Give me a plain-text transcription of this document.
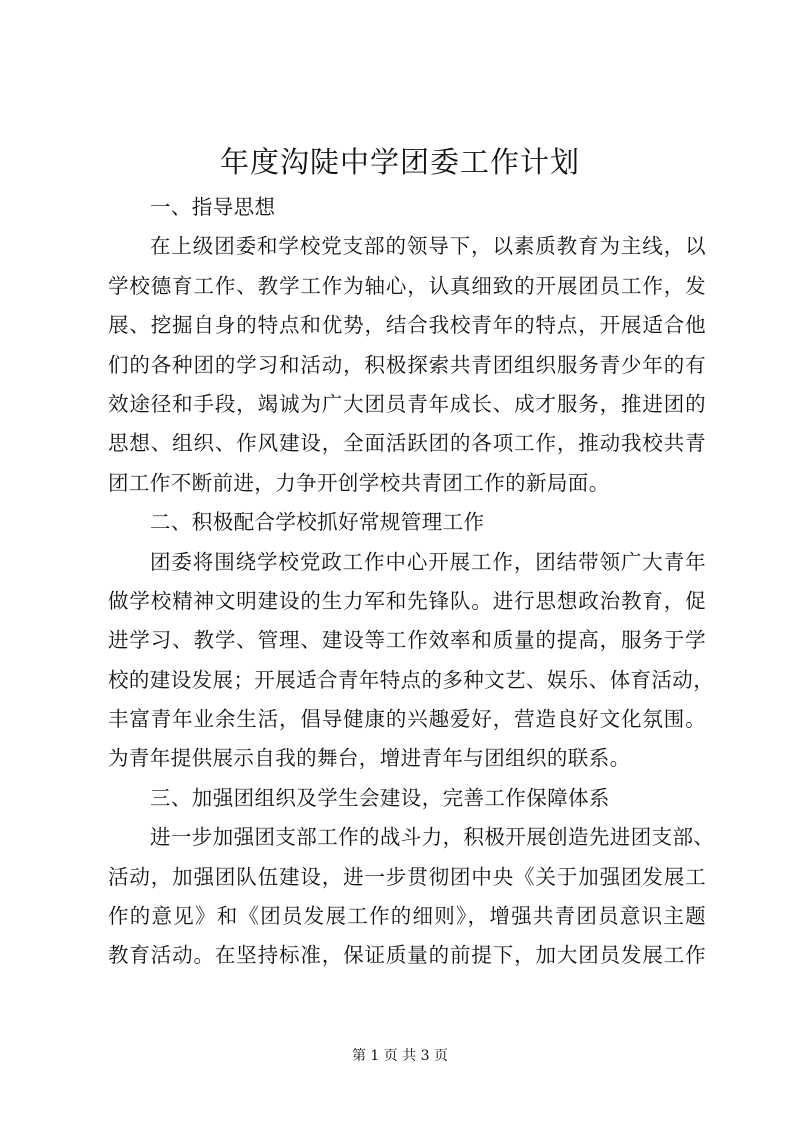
年度沟陡中学团委工作计划
一、指导思想
在上级团委和学校党支部的领导下，以素质教育为主线，以
学校德育工作、教学工作为轴心，认真细致的开展团员工作，发
展、挖掘自身的特点和优势，结合我校青年的特点，开展适合他
们的各种团的学习和活动，积极探索共青团组织服务青少年的有
效途径和手段，竭诚为广大团员青年成长、成才服务，推进团的
思想、组织、作风建设，全面活跃团的各项工作，推动我校共青
团工作不断前进，力争开创学校共青团工作的新局面。
二、积极配合学校抓好常规管理工作
团委将围绕学校党政工作中心开展工作，团结带领广大青年
做学校精神文明建设的生力军和先锋队。进行思想政治教育，促
进学习、教学、管理、建设等工作效率和质量的提高，服务于学
校的建设发展；开展适合青年特点的多种文艺、娱乐、体育活动，
丰富青年业余生活，倡导健康的兴趣爱好，营造良好文化氛围。
为青年提供展示自我的舞台，增进青年与团组织的联系。
三、加强团组织及学生会建设，完善工作保障体系
进一步加强团支部工作的战斗力，积极开展创造先进团支部、
活动，加强团队伍建设，进一步贯彻团中央《关于加强团发展工
作的意见》和《团员发展工作的细则》，增强共青团员意识主题
教育活动。在坚持标准，保证质量的前提下，加大团员发展工作
第 1 页 共 3 页
